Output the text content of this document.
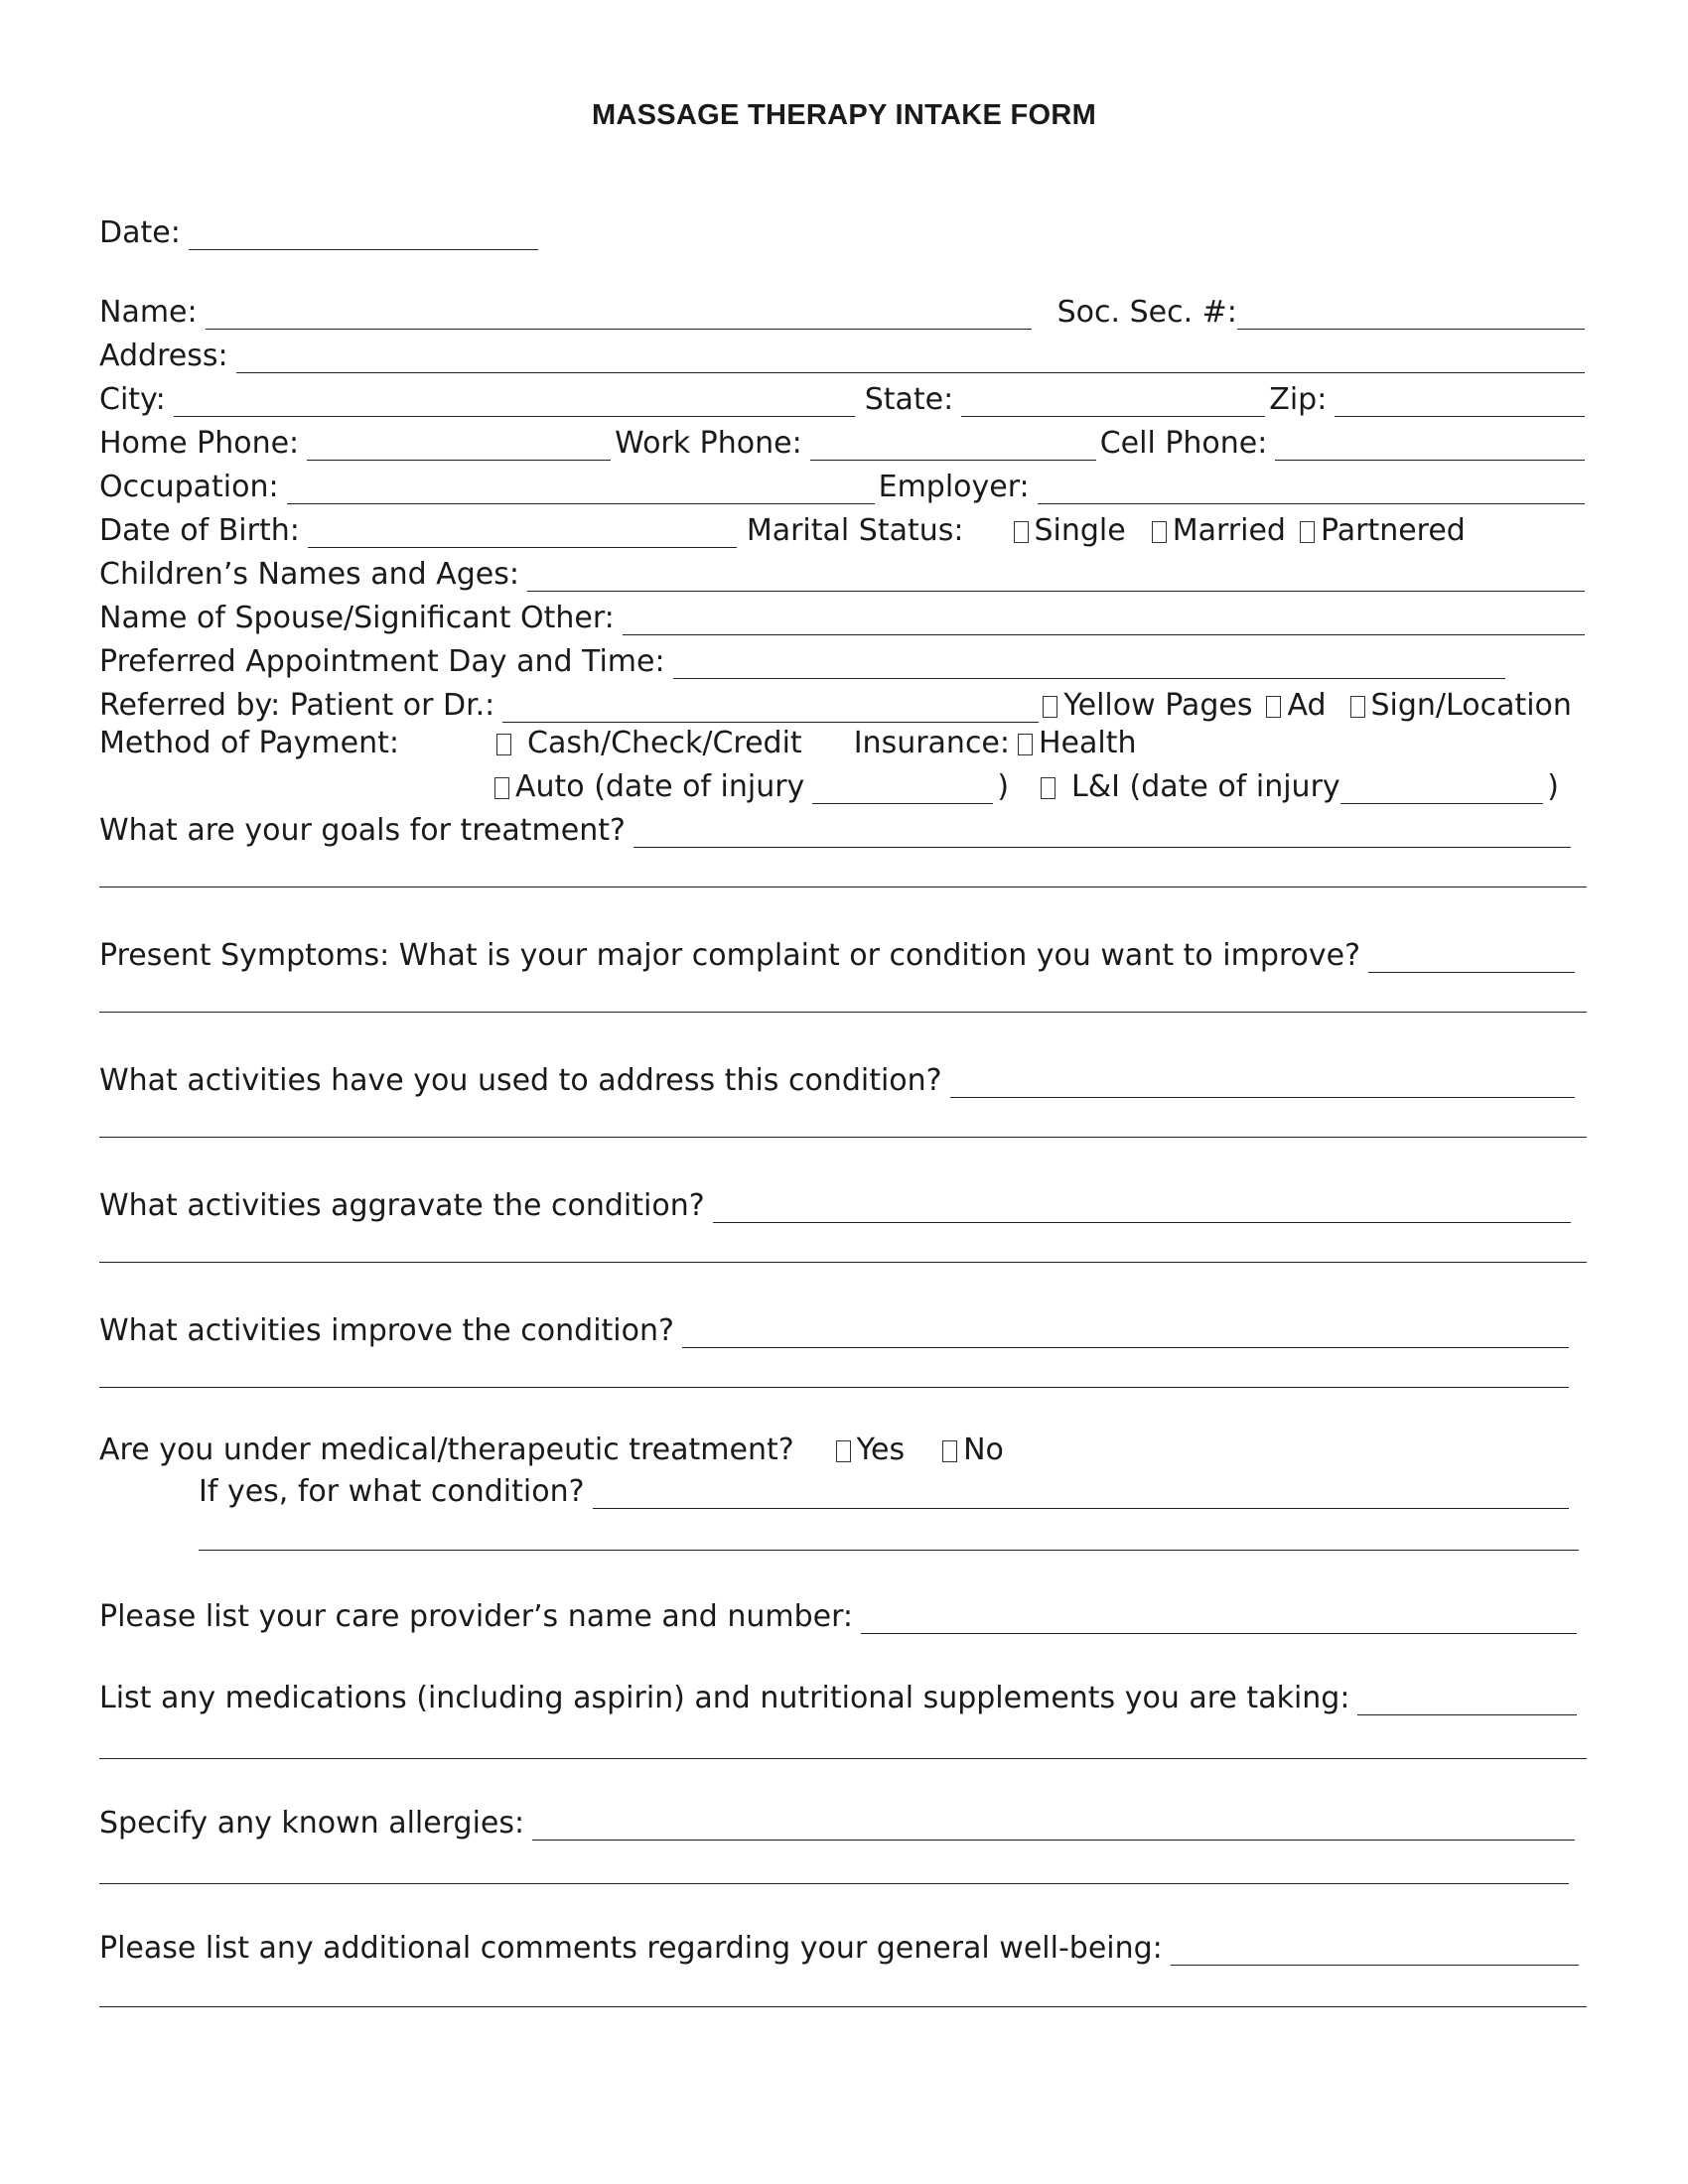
MASSAGE THERAPY INTAKE FORM
Date:
Name:	Soc. Sec. #:
Address:
City:	State:	Zip:
Home Phone:	Work Phone:	Cell Phone:
Occupation:	Employer:
Date of Birth:	Marital Status: Single Married Partnered
Children’s Names and Ages:
Name of Spouse/Significant Other:
Preferred Appointment Day and Time:
Referred by: Patient or Dr.:	Yellow Pages Ad Sign/Location
Method of Payment:	Cash/Check/Credit Insurance: Health
Auto (date of injury	) L&I (date of injury	)
What are your goals for treatment?
Present Symptoms: What is your major complaint or condition you want to improve?
What activities have you used to address this condition?
What activities aggravate the condition?
What activities improve the condition?
Are you under medical/therapeutic treatment? Yes No
If yes, for what condition?
Please list your care provider’s name and number:
List any medications (including aspirin) and nutritional supplements you are taking:
Specify any known allergies:
Please list any additional comments regarding your general well-being:
